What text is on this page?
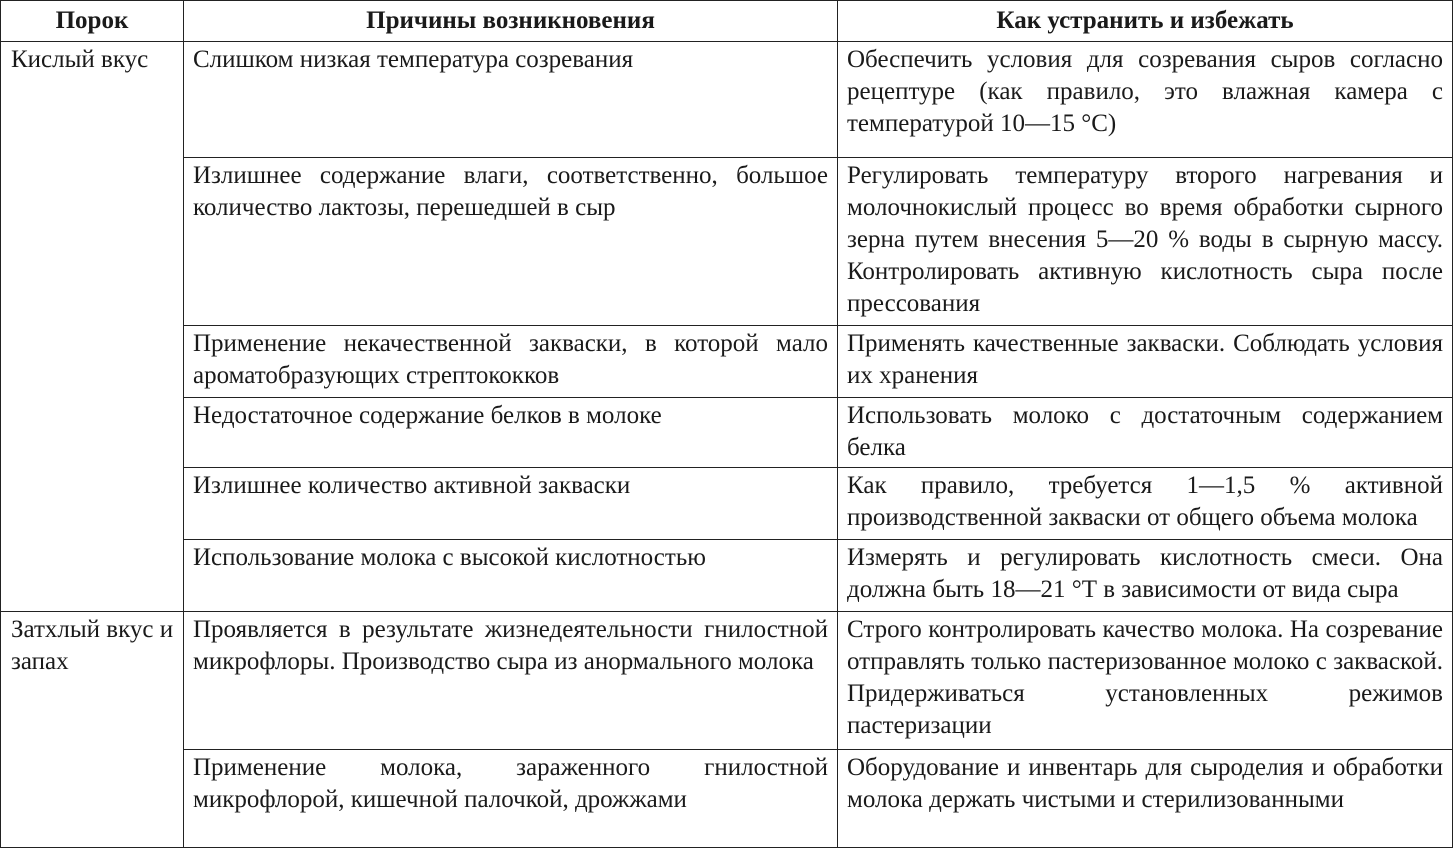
Порок	Причины возникновения	Как устранить и избежать
Кислый вкус	Слишком низкая температура созревания	Обеспечить условия для созревания сыров согласно рецептуре (как правило, это влажная камера с температурой 10—15 °С)
	Излишнее содержание влаги, соответственно, большое количество лактозы, перешедшей в сыр	Регулировать температуру второго нагревания и молочнокислый процесс во время обработки сырного зерна путем внесения 5—20 % воды в сырную массу. Контролировать активную кислотность сыра после прессования
	Применение некачественной закваски, в которой мало ароматобразующих стрептококков	Применять качественные закваски. Соблюдать условия их хранения
	Недостаточное содержание белков в молоке	Использовать молоко с достаточным содержанием белка
	Излишнее количество активной закваски	Как правило, требуется 1—1,5 % активной производственной закваски от общего объема молока
	Использование молока с высокой кислотностью	Измерять и регулировать кислотность смеси. Она должна быть 18—21 °Т в зависимости от вида сыра
Затхлый вкус и запах	Проявляется в результате жизнедеятельности гнилостной микрофлоры. Производство сыра из анормального молока	Строго контролировать качество молока. На созревание отправлять только пастеризованное молоко с закваской. Придерживаться установленных режимов пастеризации
	Применение молока, зараженного гнилостной микрофлорой, кишечной палочкой, дрожжами	Оборудование и инвентарь для сыроделия и обработки молока держать чистыми и стерилизованными
